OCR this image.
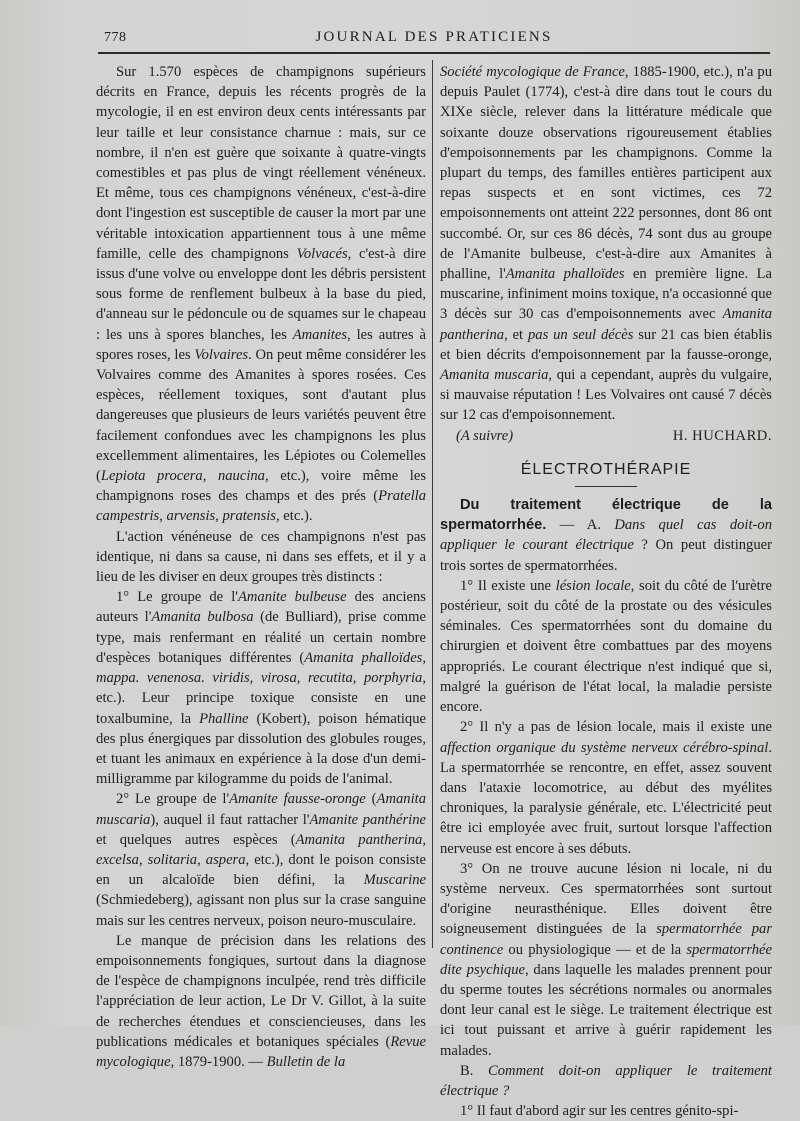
778	JOURNAL DES PRATICIENS

Sur 1.570 espèces de champignons supérieurs décrits en France, depuis les récents progrès de la mycologie, il en est environ deux cents intéressants par leur taille et leur consistance charnue : mais, sur ce nombre, il n'en est guère que soixante à quatre-vingts comestibles et pas plus de vingt réellement vénéneux. Et même, tous ces champignons vénéneux, c'est-à-dire dont l'ingestion est susceptible de causer la mort par une véritable intoxication appartiennent tous à une même famille, celle des champignons Volvacés, c'est-à dire issus d'une volve ou enveloppe dont les débris persistent sous forme de renflement bulbeux à la base du pied, d'anneau sur le pédoncule ou de squames sur le chapeau : les uns à spores blanches, les Amanites, les autres à spores roses, les Volvaires. On peut même considérer les Volvaires comme des Amanites à spores rosées. Ces espèces, réellement toxiques, sont d'autant plus dangereuses que plusieurs de leurs variétés peuvent être facilement confondues avec les champignons les plus excellemment alimentaires, les Lépiotes ou Colemelles (Lepiota procera, naucina, etc.), voire même les champignons roses des champs et des prés (Pratella campestris, arvensis, pratensis, etc.).

L'action vénéneuse de ces champignons n'est pas identique, ni dans sa cause, ni dans ses effets, et il y a lieu de les diviser en deux groupes très distincts :

1° Le groupe de l'Amanite bulbeuse des anciens auteurs l'Amanita bulbosa (de Bulliard), prise comme type, mais renfermant en réalité un certain nombre d'espèces botaniques différentes (Amanita phalloïdes, mappa. venenosa. viridis, virosa, recutita, porphyria, etc.). Leur principe toxique consiste en une toxalbumine, la Phalline (Kobert), poison hématique des plus énergiques par dissolution des globules rouges, et tuant les animaux en expérience à la dose d'un demi-milligramme par kilogramme du poids de l'animal.

2° Le groupe de l'Amanite fausse-oronge (Amanita muscaria), auquel il faut rattacher l'Amanite panthérine et quelques autres espèces (Amanita pantherina, excelsa, solitaria, aspera, etc.), dont le poison consiste en un alcaloïde bien défini, la Muscarine (Schmiedeberg), agissant non plus sur la crase sanguine mais sur les centres nerveux, poison neuro-musculaire.

Le manque de précision dans les relations des empoisonnements fongiques, surtout dans la diagnose de l'espèce de champignons inculpée, rend très difficile l'appréciation de leur action, Le Dr V. Gillot, à la suite de recherches étendues et consciencieuses, dans les publications médicales et botaniques spéciales (Revue mycologique, 1879-1900. — Bulletin de la

Société mycologique de France, 1885-1900, etc.), n'a pu depuis Paulet (1774), c'est-à dire dans tout le cours du XIXe siècle, relever dans la littérature médicale que soixante douze observations rigoureusement établies d'empoisonnements par les champignons. Comme la plupart du temps, des familles entières participent aux repas suspects et en sont victimes, ces 72 empoisonnements ont atteint 222 personnes, dont 86 ont succombé. Or, sur ces 86 décès, 74 sont dus au groupe de l'Amanite bulbeuse, c'est-à-dire aux Amanites à phalline, l'Amanita phalloïdes en première ligne. La muscarine, infiniment moins toxique, n'a occasionné que 3 décès sur 30 cas d'empoisonnements avec Amanita pantherina, et pas un seul décès sur 21 cas bien établis et bien décrits d'empoisonnement par la fausse-oronge, Amanita muscaria, qui a cependant, auprès du vulgaire, si mauvaise réputation ! Les Volvaires ont causé 7 décès sur 12 cas d'empoisonnement.

(A suivre)	H. HUCHARD.
ÉLECTROTHÉRAPIE

Du traitement électrique de la spermatorrhée. — A. Dans quel cas doit-on appliquer le courant électrique ? On peut distinguer trois sortes de spermatorrhées.

1° Il existe une lésion locale, soit du côté de l'urètre postérieur, soit du côté de la prostate ou des vésicules séminales. Ces spermatorrhées sont du domaine du chirurgien et doivent être combattues par des moyens appropriés. Le courant électrique n'est indiqué que si, malgré la guérison de l'état local, la maladie persiste encore.

2° Il n'y a pas de lésion locale, mais il existe une affection organique du système nerveux cérébro-spinal. La spermatorrhée se rencontre, en effet, assez souvent dans l'ataxie locomotrice, au début des myélites chroniques, la paralysie générale, etc. L'électricité peut être ici employée avec fruit, surtout lorsque l'affection nerveuse est encore à ses débuts.

3° On ne trouve aucune lésion ni locale, ni du système nerveux. Ces spermatorrhées sont surtout d'origine neurasthénique. Elles doivent être soigneusement distinguées de la spermatorrhée par continence ou physiologique — et de la spermatorrhée dite psychique, dans laquelle les malades prennent pour du sperme toutes les sécrétions normales ou anormales dont leur canal est le siège. Le traitement électrique est ici tout puissant et arrive à guérir rapidement les malades.

B. Comment doit-on appliquer le traitement électrique ?

1° Il faut d'abord agir sur les centres génito-spi-
